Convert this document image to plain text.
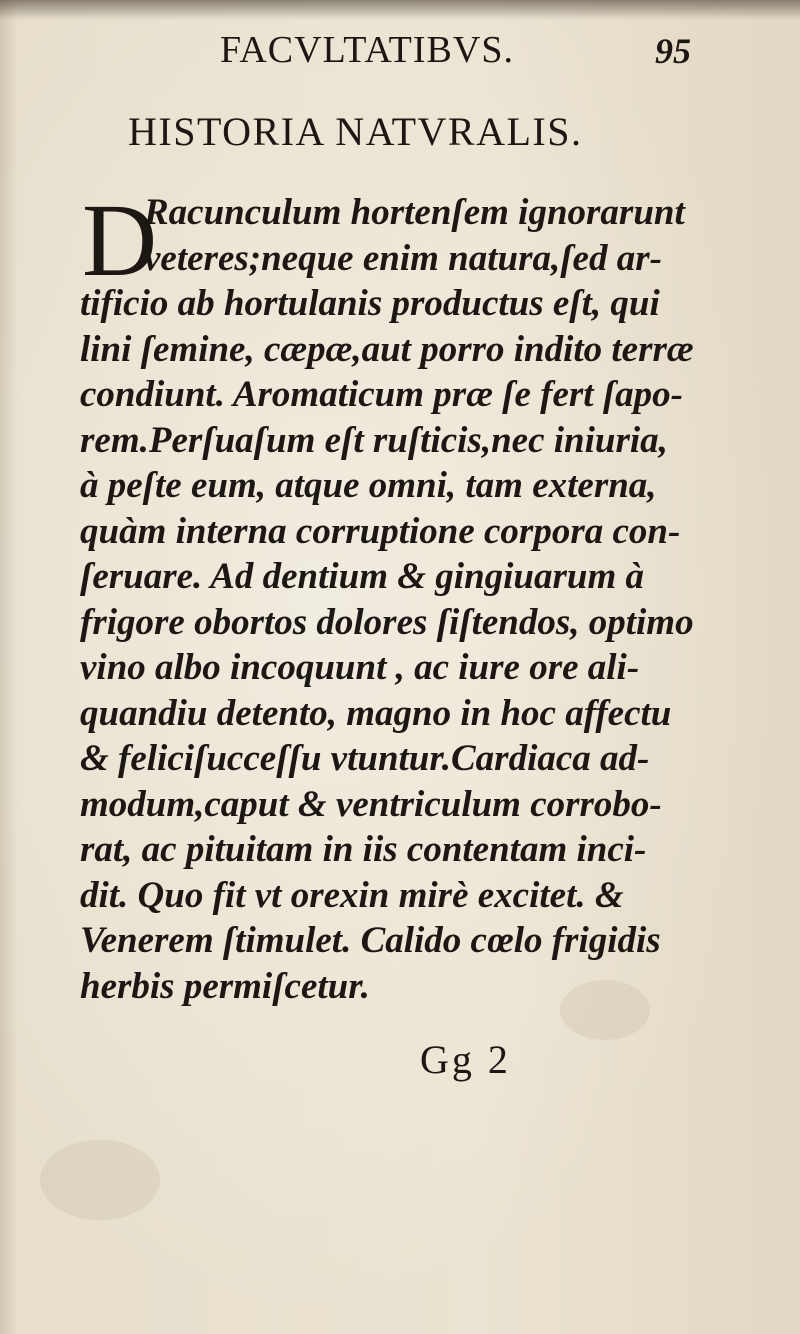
FACVLTATIBVS.	95
HISTORIA NATVRALIS.
D
Racunculum hortenſem ignorarunt
veteres;neque enim natura,ſed ar-
tificio ab hortulanis productus eſt, qui
lini ſemine, cæpæ,aut porro indito terræ
condiunt. Aromaticum præ ſe fert ſapo-
rem.Perſuaſum eſt ruſticis,nec iniuria,
à peſte eum, atque omni, tam externa,
quàm interna corruptione corpora con-
ſeruare. Ad dentium & gingiuarum à
frigore obortos dolores ſiſtendos, optimo
vino albo incoquunt , ac iure ore ali-
quandiu detento, magno in hoc affectu
& feliciſucceſſu vtuntur.Cardiaca ad-
modum,caput & ventriculum corrobo-
rat, ac pituitam in iis contentam inci-
dit. Quo fit vt orexin mirè excitet. &
Venerem ſtimulet. Calido cœlo frigidis
herbis permiſcetur.
Gg 2
